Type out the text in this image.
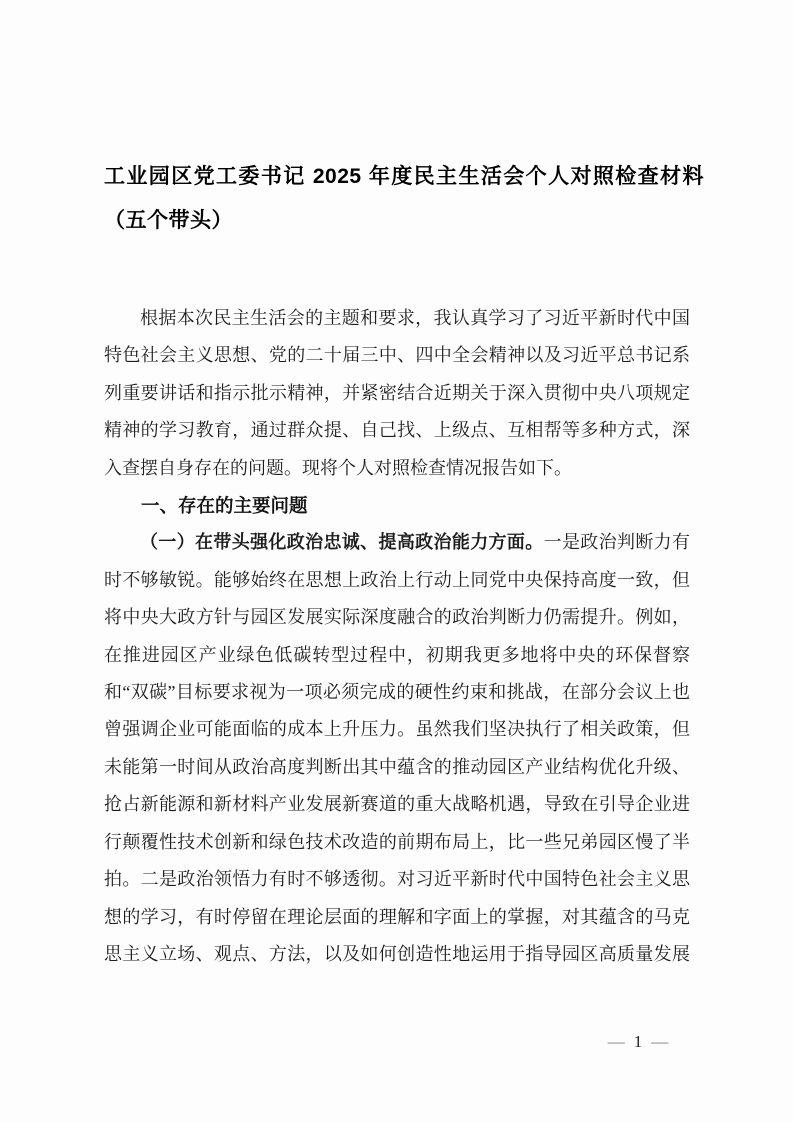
工业园区党工委书记 2025 年度民主生活会个人对照检查材料（五个带头）

根据本次民主生活会的主题和要求，我认真学习了习近平新时代中国特色社会主义思想、党的二十届三中、四中全会精神以及习近平总书记系列重要讲话和指示批示精神，并紧密结合近期关于深入贯彻中央八项规定精神的学习教育，通过群众提、自己找、上级点、互相帮等多种方式，深入查摆自身存在的问题。现将个人对照检查情况报告如下。

一、存在的主要问题

（一）在带头强化政治忠诚、提高政治能力方面。一是政治判断力有时不够敏锐。能够始终在思想上政治上行动上同党中央保持高度一致，但将中央大政方针与园区发展实际深度融合的政治判断力仍需提升。例如，在推进园区产业绿色低碳转型过程中，初期我更多地将中央的环保督察和“双碳”目标要求视为一项必须完成的硬性约束和挑战，在部分会议上也曾强调企业可能面临的成本上升压力。虽然我们坚决执行了相关政策，但未能第一时间从政治高度判断出其中蕴含的推动园区产业结构优化升级、抢占新能源和新材料产业发展新赛道的重大战略机遇，导致在引导企业进行颠覆性技术创新和绿色技术改造的前期布局上，比一些兄弟园区慢了半拍。二是政治领悟力有时不够透彻。对习近平新时代中国特色社会主义思想的学习，有时停留在理论层面的理解和字面上的掌握，对其蕴含的马克思主义立场、观点、方法，以及如何创造性地运用于指导园区高质量发展

— 1 —
